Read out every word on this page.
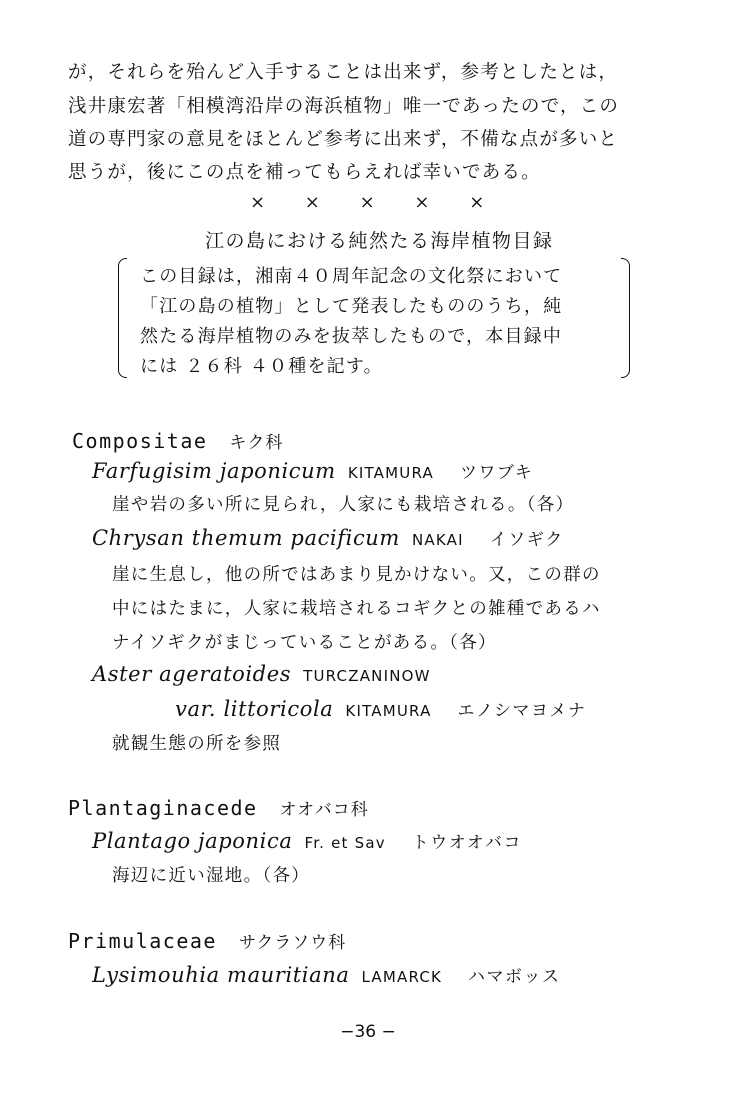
が，それらを殆んど入手することは出来ず，参考としたとは，
浅井康宏著「相模湾沿岸の海浜植物」唯一であったので，この
道の専門家の意見をほとんど参考に出来ず，不備な点が多いと
思うが，後にこの点を補ってもらえれば幸いである。
× × × × ×
江の島における純然たる海岸植物目録
この目録は，湘南４０周年記念の文化祭において
「江の島の植物」として発表したもののうち，純
然たる海岸植物のみを抜萃したもので，本目録中
には ２６科 ４０種を記す。
Compositae キク科
Farfugisim japonicum KITAMURA ツワブキ
崖や岩の多い所に見られ，人家にも栽培される。（各）
Chrysan themum pacificum NAKAI イソギク
崖に生息し，他の所ではあまり見かけない。又，この群の
中にはたまに，人家に栽培されるコギクとの雑種であるハ
ナイソギクがまじっていることがある。（各）
Aster ageratoides TURCZANINOW
var. littoricola KITAMURA エノシマヨメナ
就観生態の所を参照
Plantaginacede オオバコ科
Plantago japonica Fr. et Sav トウオオバコ
海辺に近い湿地。（各）
Primulaceae サクラソウ科
Lysimouhia mauritiana LAMARCK ハマボッス
−36 −
